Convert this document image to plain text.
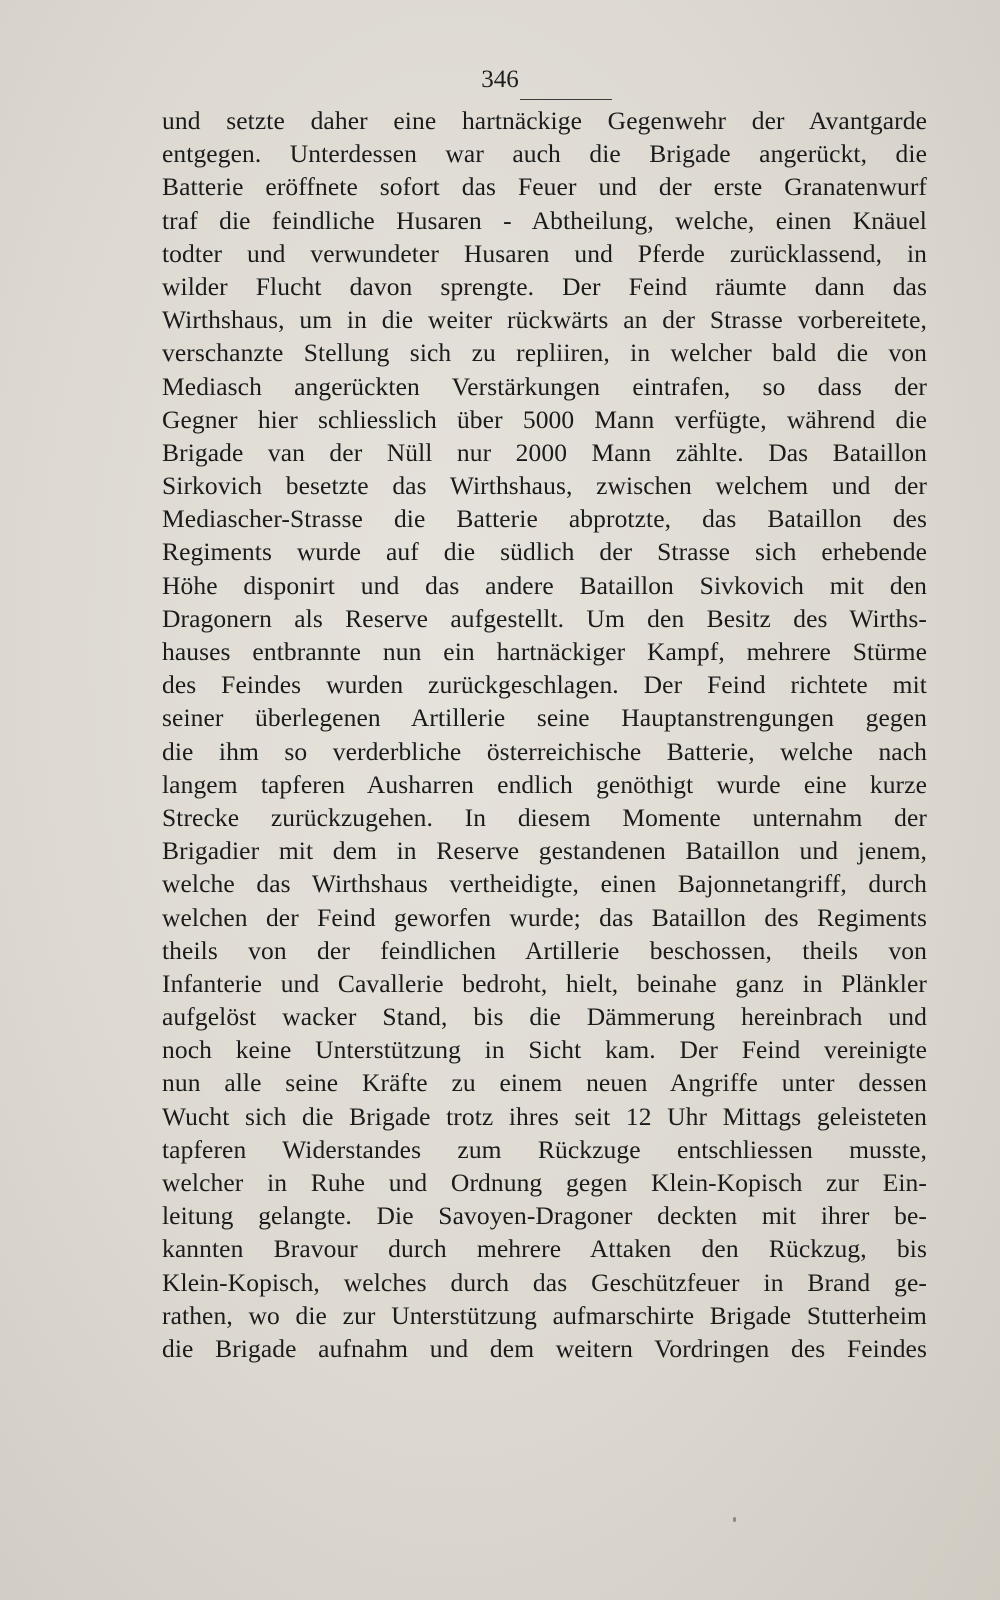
346
und setzte daher eine hartnäckige Gegenwehr der Avantgarde
entgegen. Unterdessen war auch die Brigade angerückt, die
Batterie eröffnete sofort das Feuer und der erste Granatenwurf
traf die feindliche Husaren - Abtheilung, welche, einen Knäuel
todter und verwundeter Husaren und Pferde zurücklassend, in
wilder Flucht davon sprengte. Der Feind räumte dann das
Wirthshaus, um in die weiter rückwärts an der Strasse vorbereitete,
verschanzte Stellung sich zu repliiren, in welcher bald die von
Mediasch angerückten Verstärkungen eintrafen, so dass der
Gegner hier schliesslich über 5000 Mann verfügte, während die
Brigade van der Nüll nur 2000 Mann zählte. Das Bataillon
Sirkovich besetzte das Wirthshaus, zwischen welchem und der
Mediascher-Strasse die Batterie abprotzte, das Bataillon des
Regiments wurde auf die südlich der Strasse sich erhebende
Höhe disponirt und das andere Bataillon Sivkovich mit den
Dragonern als Reserve aufgestellt. Um den Besitz des Wirths-
hauses entbrannte nun ein hartnäckiger Kampf, mehrere Stürme
des Feindes wurden zurückgeschlagen. Der Feind richtete mit
seiner überlegenen Artillerie seine Hauptanstrengungen gegen
die ihm so verderbliche österreichische Batterie, welche nach
langem tapferen Ausharren endlich genöthigt wurde eine kurze
Strecke zurückzugehen. In diesem Momente unternahm der
Brigadier mit dem in Reserve gestandenen Bataillon und jenem,
welche das Wirthshaus vertheidigte, einen Bajonnetangriff, durch
welchen der Feind geworfen wurde; das Bataillon des Regiments
theils von der feindlichen Artillerie beschossen, theils von
Infanterie und Cavallerie bedroht, hielt, beinahe ganz in Plänkler
aufgelöst wacker Stand, bis die Dämmerung hereinbrach und
noch keine Unterstützung in Sicht kam. Der Feind vereinigte
nun alle seine Kräfte zu einem neuen Angriffe unter dessen
Wucht sich die Brigade trotz ihres seit 12 Uhr Mittags geleisteten
tapferen Widerstandes zum Rückzuge entschliessen musste,
welcher in Ruhe und Ordnung gegen Klein-Kopisch zur Ein-
leitung gelangte. Die Savoyen-Dragoner deckten mit ihrer be-
kannten Bravour durch mehrere Attaken den Rückzug, bis
Klein-Kopisch, welches durch das Geschützfeuer in Brand ge-
rathen, wo die zur Unterstützung aufmarschirte Brigade Stutterheim
die Brigade aufnahm und dem weitern Vordringen des Feindes
